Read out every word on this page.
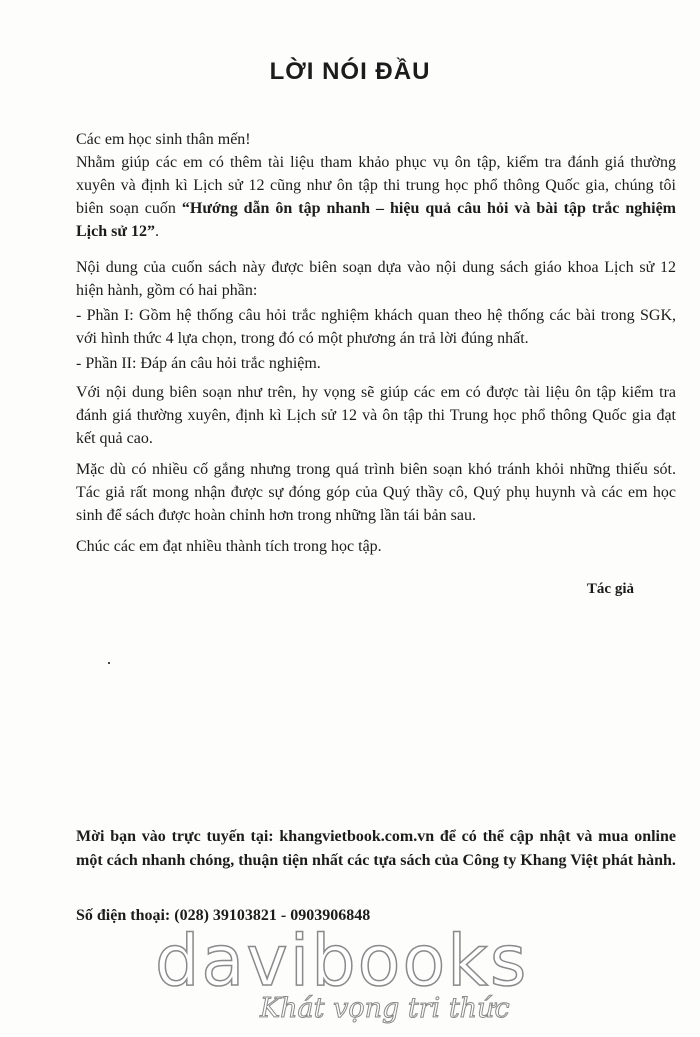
LỜI NÓI ĐẦU

Các em học sinh thân mến!

Nhằm giúp các em có thêm tài liệu tham khảo phục vụ ôn tập, kiểm tra đánh giá thường xuyên và định kì Lịch sử 12 cũng như ôn tập thi trung học phổ thông Quốc gia, chúng tôi biên soạn cuốn “Hướng dẫn ôn tập nhanh – hiệu quả câu hỏi và bài tập trắc nghiệm Lịch sử 12”.

Nội dung của cuốn sách này được biên soạn dựa vào nội dung sách giáo khoa Lịch sử 12 hiện hành, gồm có hai phần:

- Phần I: Gồm hệ thống câu hỏi trắc nghiệm khách quan theo hệ thống các bài trong SGK, với hình thức 4 lựa chọn, trong đó có một phương án trả lời đúng nhất.

- Phần II: Đáp án câu hỏi trắc nghiệm.

Với nội dung biên soạn như trên, hy vọng sẽ giúp các em có được tài liệu ôn tập kiểm tra đánh giá thường xuyên, định kì Lịch sử 12 và ôn tập thi Trung học phổ thông Quốc gia đạt kết quả cao.

Mặc dù có nhiều cố gắng nhưng trong quá trình biên soạn khó tránh khỏi những thiếu sót. Tác giả rất mong nhận được sự đóng góp của Quý thầy cô, Quý phụ huynh và các em học sinh để sách được hoàn chỉnh hơn trong những lần tái bản sau.

Chúc các em đạt nhiều thành tích trong học tập.

Tác giả
Mời bạn vào trực tuyến tại: khangvietbook.com.vn để có thể cập nhật và mua online một cách nhanh chóng, thuận tiện nhất các tựa sách của Công ty Khang Việt phát hành.
Số điện thoại: (028) 39103821 - 0903906848
davibooks
Khát vọng tri thức
